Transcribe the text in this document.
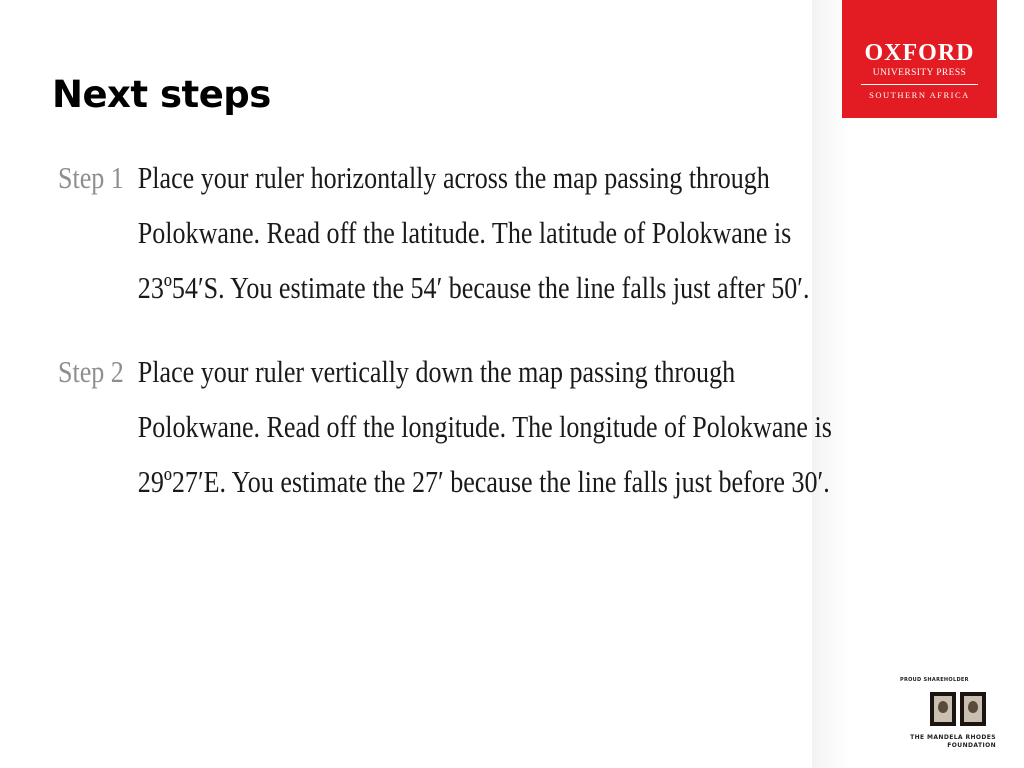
OXFORD
UNIVERSITY PRESS
SOUTHERN AFRICA
Next steps
Step 1 Place your ruler horizontally across the map passing through
Polokwane. Read off the latitude. The latitude of Polokwane is
23º54′S. You estimate the 54′ because the line falls just after 50′.
Step 2 Place your ruler vertically down the map passing through
Polokwane. Read off the longitude. The longitude of Polokwane is
29º27′E. You estimate the 27′ because the line falls just before 30′.
PROUD SHAREHOLDER
THE MANDELA RHODES
FOUNDATION
